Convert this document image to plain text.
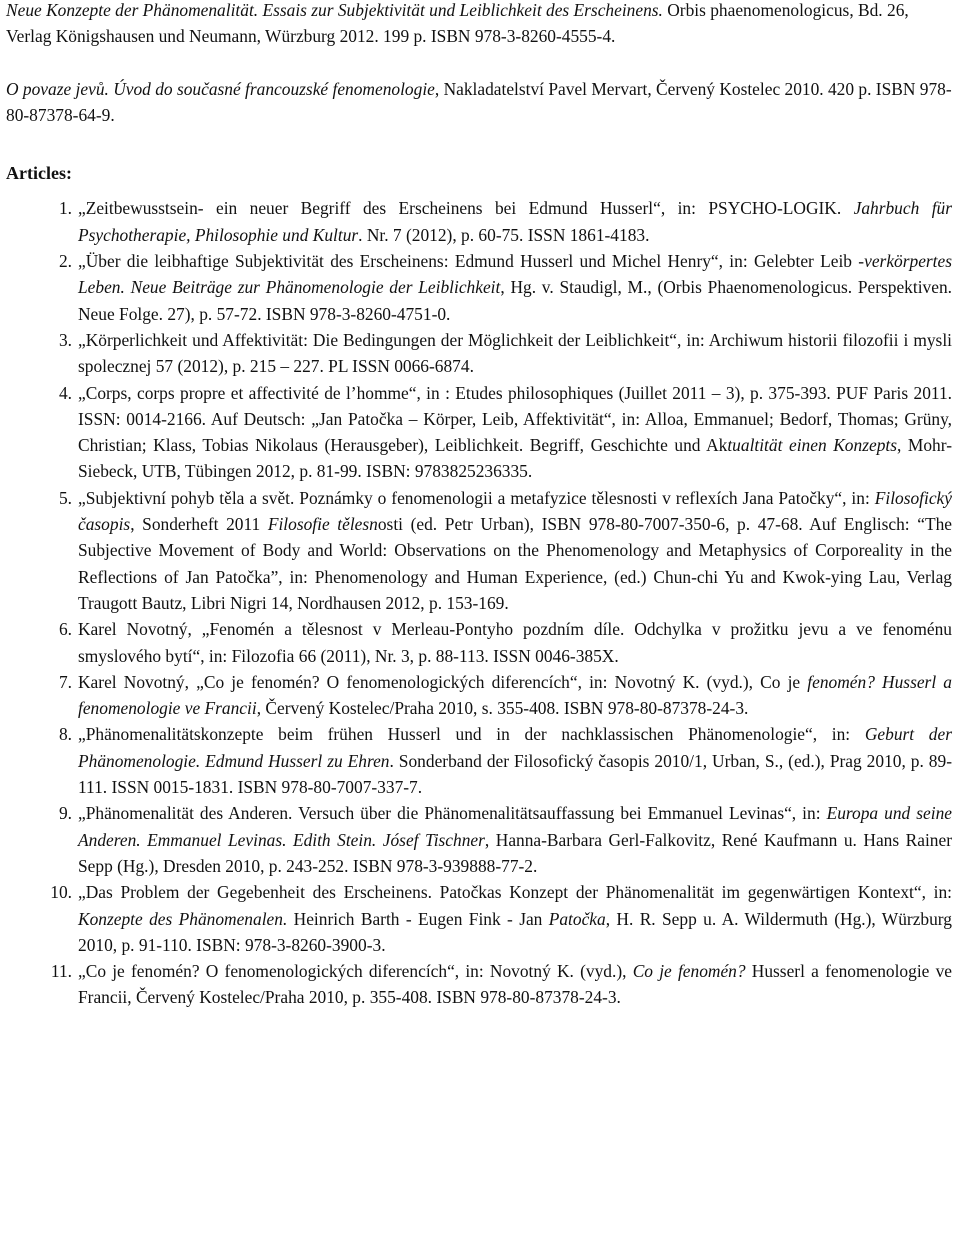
Neue Konzepte der Phänomenalität. Essais zur Subjektivität und Leiblichkeit des Erscheinens. Orbis phaenomenologicus, Bd. 26, Verlag Königshausen und Neumann, Würzburg 2012. 199 p. ISBN 978-3-8260-4555-4.

O povaze jevů. Úvod do současné francouzské fenomenologie, Nakladatelství Pavel Mervart, Červený Kostelec 2010. 420 p. ISBN 978-80-87378-64-9.

Articles:
1. „Zeitbewusstsein- ein neuer Begriff des Erscheinens bei Edmund Husserl“, in: PSYCHO-LOGIK. Jahrbuch für Psychotherapie, Philosophie und Kultur. Nr. 7 (2012), p. 60-75. ISSN 1861-4183.
2. „Über die leibhaftige Subjektivität des Erscheinens: Edmund Husserl und Michel Henry“, in: Gelebter Leib -verkörpertes Leben. Neue Beiträge zur Phänomenologie der Leiblichkeit, Hg. v. Staudigl, M., (Orbis Phaenomenologicus. Perspektiven. Neue Folge. 27), p. 57-72. ISBN 978-3-8260-4751-0.
3. „Körperlichkeit und Affektivität: Die Bedingungen der Möglichkeit der Leiblichkeit“, in: Archiwum historii filozofii i mysli spolecznej 57 (2012), p. 215 – 227. PL ISSN 0066-6874.
4. „Corps, corps propre et affectivité de l’homme“, in : Etudes philosophiques (Juillet 2011 – 3), p. 375-393. PUF Paris 2011. ISSN: 0014-2166. Auf Deutsch: „Jan Patočka – Körper, Leib, Affektivität“, in: Alloa, Emmanuel; Bedorf, Thomas; Grüny, Christian; Klass, Tobias Nikolaus (Herausgeber), Leiblichkeit. Begriff, Geschichte und Aktualtität einen Konzepts, Mohr-Siebeck, UTB, Tübingen 2012, p. 81-99. ISBN: 9783825236335.
5. „Subjektivní pohyb těla a svět. Poznámky o fenomenologii a metafyzice tělesnosti v reflexích Jana Patočky“, in: Filosofický časopis, Sonderheft 2011 Filosofie tělesnosti (ed. Petr Urban), ISBN 978-80-7007-350-6, p. 47-68. Auf Englisch: “The Subjective Movement of Body and World: Observations on the Phenomenology and Metaphysics of Corporeality in the Reflections of Jan Patočka”, in: Phenomenology and Human Experience, (ed.) Chun-chi Yu and Kwok-ying Lau, Verlag Traugott Bautz, Libri Nigri 14, Nordhausen 2012, p. 153-169.
6. Karel Novotný, „Fenomén a tělesnost v Merleau-Pontyho pozdním díle. Odchylka v prožitku jevu a ve fenoménu smyslového bytí“, in: Filozofia 66 (2011), Nr. 3, p. 88-113. ISSN 0046-385X.
7. Karel Novotný, „Co je fenomén? O fenomenologických diferencích“, in: Novotný K. (vyd.), Co je fenomén? Husserl a fenomenologie ve Francii, Červený Kostelec/Praha 2010, s. 355-408. ISBN 978-80-87378-24-3.
8. „Phänomenalitätskonzepte beim frühen Husserl und in der nachklassischen Phänomenologie“, in: Geburt der Phänomenologie. Edmund Husserl zu Ehren. Sonderband der Filosofický časopis 2010/1, Urban, S., (ed.), Prag 2010, p. 89-111. ISSN 0015-1831. ISBN 978-80-7007-337-7.
9. „Phänomenalität des Anderen. Versuch über die Phänomenalitätsauffassung bei Emmanuel Levinas“, in: Europa und seine Anderen. Emmanuel Levinas. Edith Stein. Jósef Tischner, Hanna-Barbara Gerl-Falkovitz, René Kaufmann u. Hans Rainer Sepp (Hg.), Dresden 2010, p. 243-252. ISBN 978-3-939888-77-2.
10. „Das Problem der Gegebenheit des Erscheinens. Patočkas Konzept der Phänomenalität im gegenwärtigen Kontext“, in: Konzepte des Phänomenalen. Heinrich Barth - Eugen Fink - Jan Patočka, H. R. Sepp u. A. Wildermuth (Hg.), Würzburg 2010, p. 91-110. ISBN: 978-3-8260-3900-3.
11. „Co je fenomén? O fenomenologických diferencích“, in: Novotný K. (vyd.), Co je fenomén? Husserl a fenomenologie ve Francii, Červený Kostelec/Praha 2010, p. 355-408. ISBN 978-80-87378-24-3.
